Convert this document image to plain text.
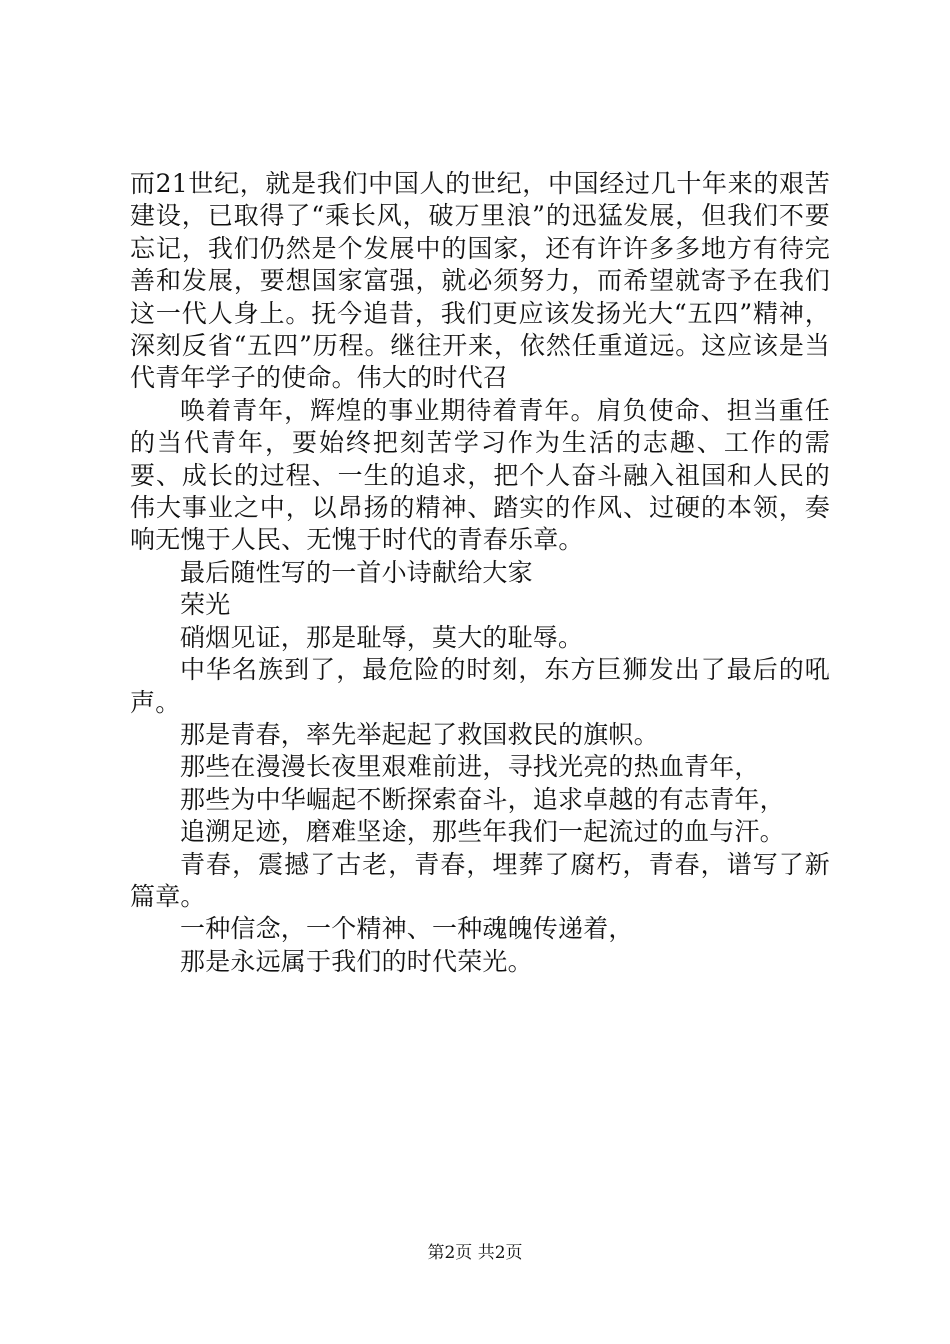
而21世纪，就是我们中国人的世纪，中国经过几十年来的艰苦建设，已取得了“乘长风，破万里浪”的迅猛发展，但我们不要忘记，我们仍然是个发展中的国家，还有许许多多地方有待完善和发展，要想国家富强，就必须努力，而希望就寄予在我们这一代人身上。抚今追昔，我们更应该发扬光大“五四”精神，深刻反省“五四”历程。继往开来，依然任重道远。这应该是当代青年学子的使命。伟大的时代召

唤着青年，辉煌的事业期待着青年。肩负使命、担当重任的当代青年，要始终把刻苦学习作为生活的志趣、工作的需要、成长的过程、一生的追求，把个人奋斗融入祖国和人民的伟大事业之中，以昂扬的精神、踏实的作风、过硬的本领，奏响无愧于人民、无愧于时代的青春乐章。

最后随性写的一首小诗献给大家

荣光

硝烟见证，那是耻辱，莫大的耻辱。

中华名族到了，最危险的时刻，东方巨狮发出了最后的吼声。

那是青春，率先举起起了救国救民的旗帜。

那些在漫漫长夜里艰难前进，寻找光亮的热血青年，

那些为中华崛起不断探索奋斗，追求卓越的有志青年，

追溯足迹，磨难坚途，那些年我们一起流过的血与汗。

青春，震撼了古老，青春，埋葬了腐朽，青春，谱写了新篇章。

一种信念，一个精神、一种魂魄传递着，

那是永远属于我们的时代荣光。

第2页 共2页
